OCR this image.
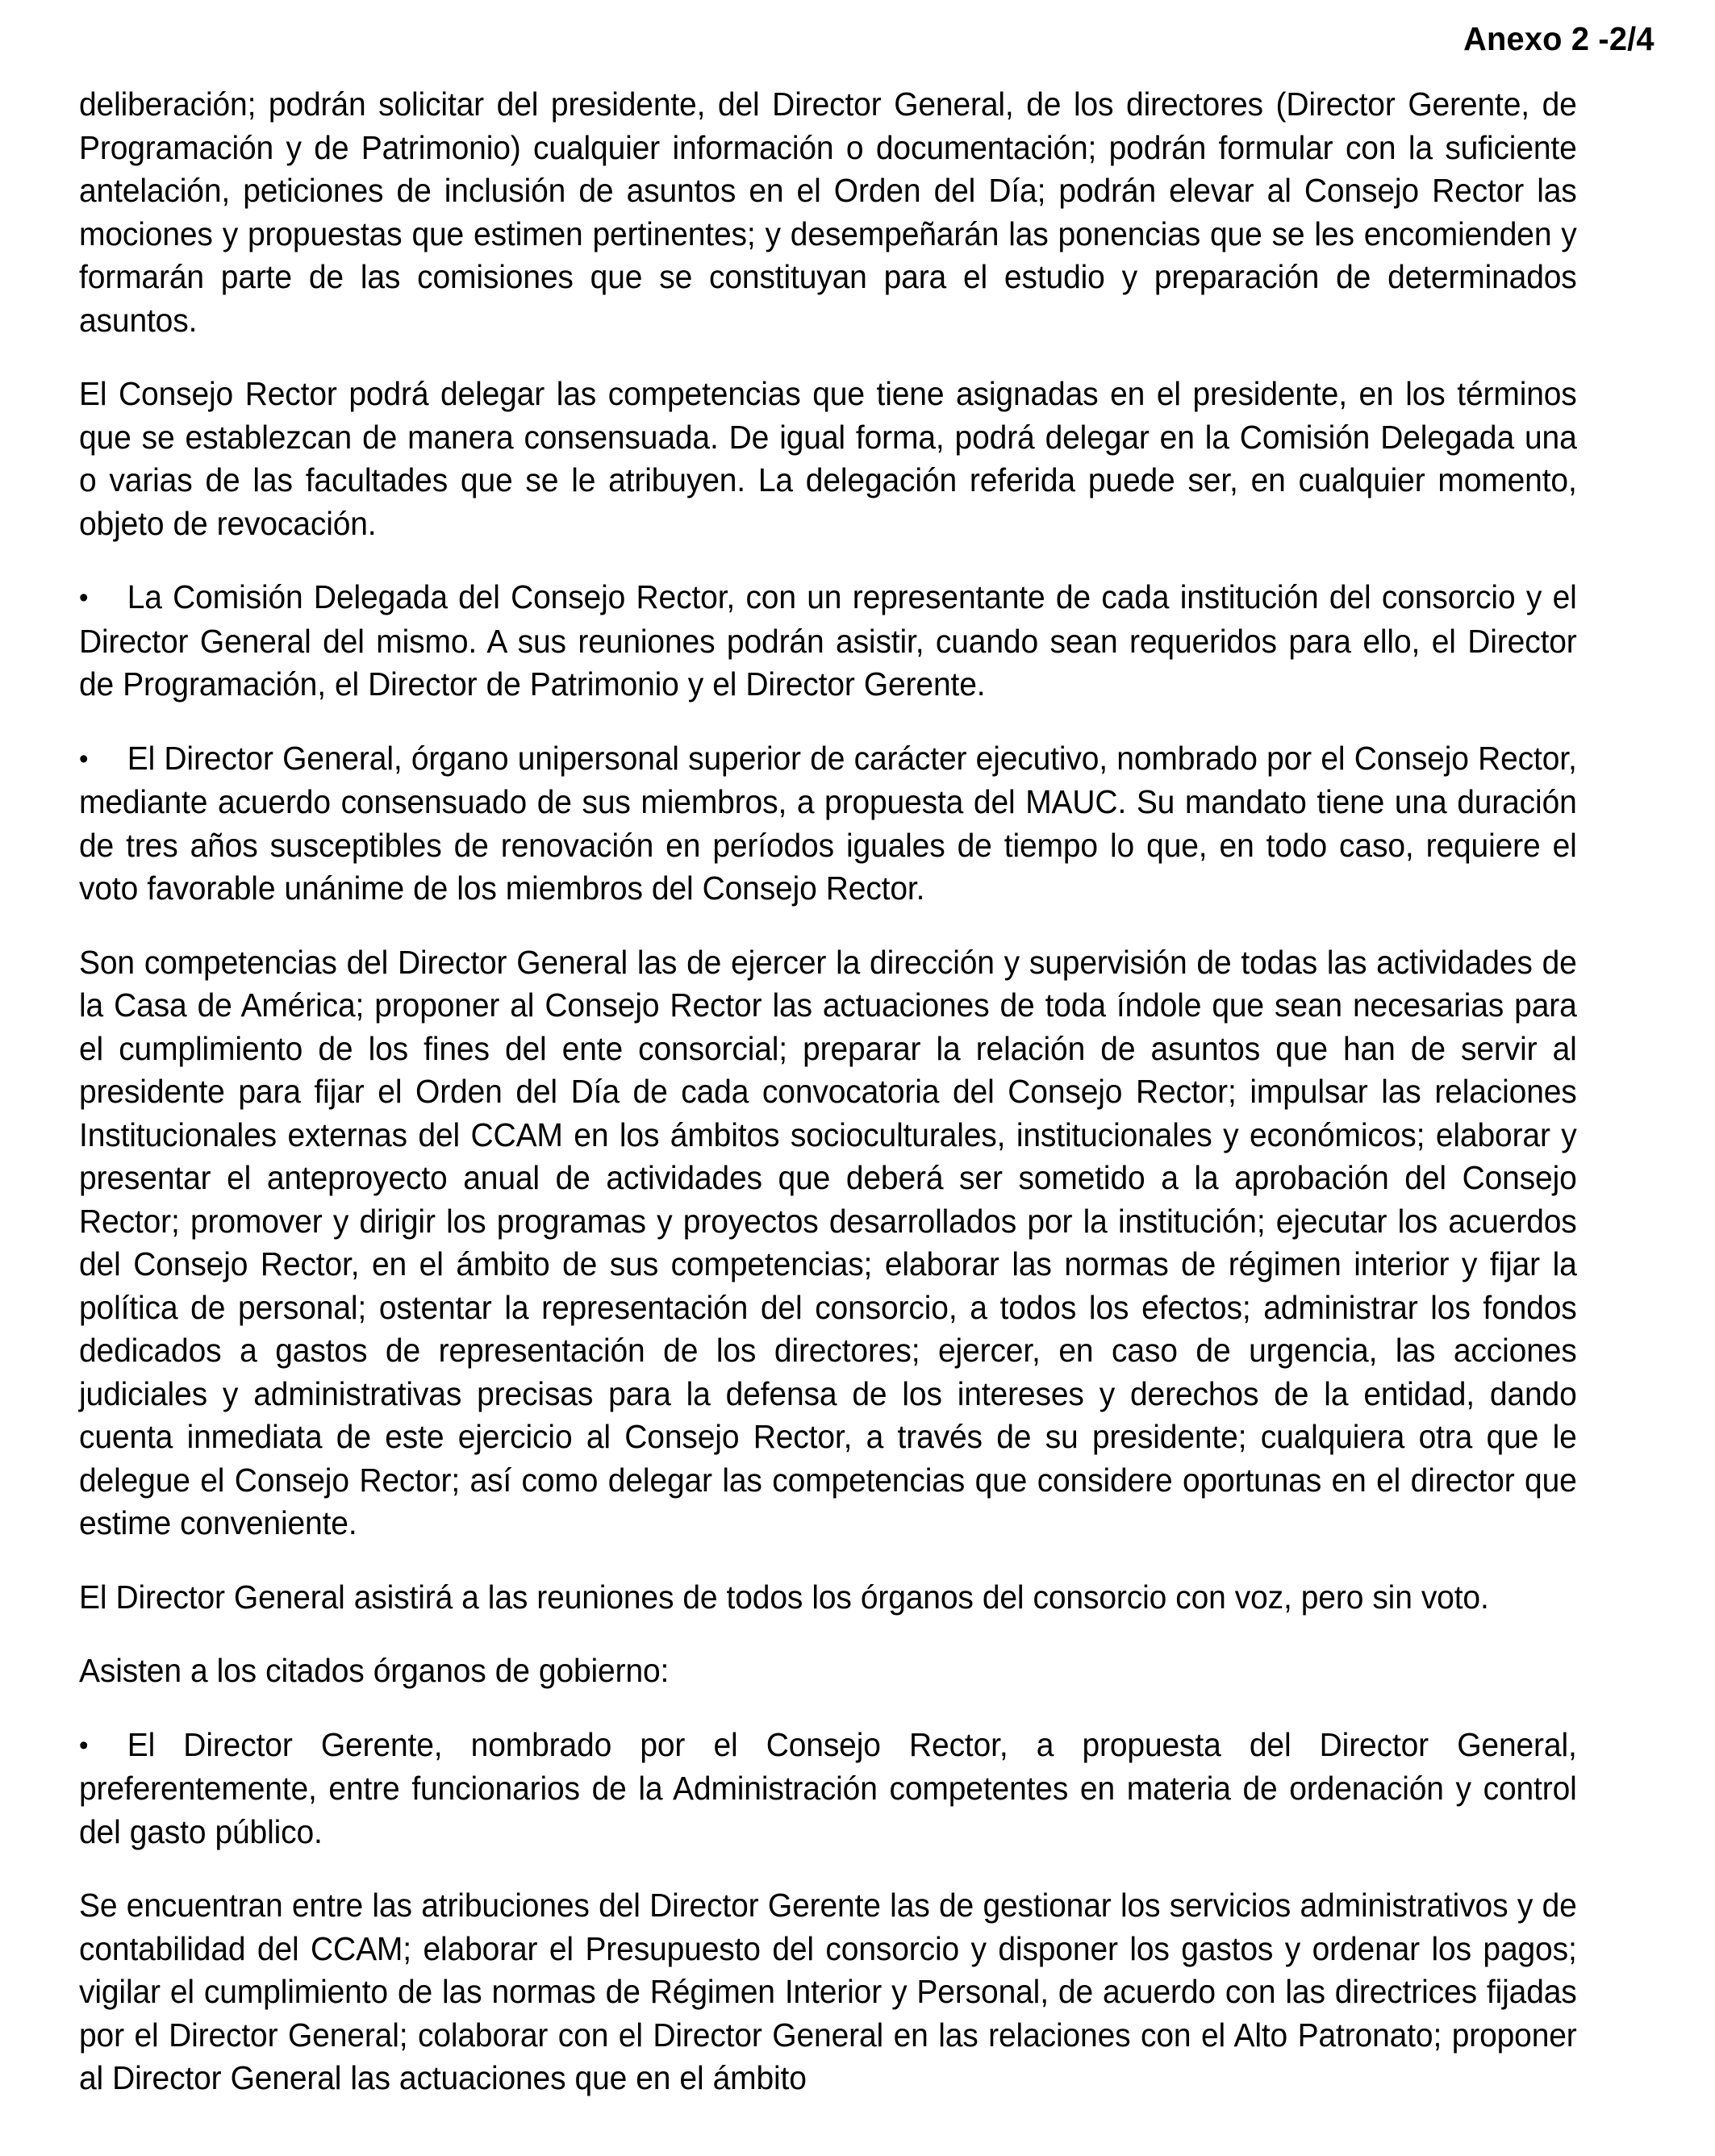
Anexo 2 -2/4

deliberación; podrán solicitar del presidente, del Director General, de los directores (Director Gerente, de Programación y de Patrimonio) cualquier información o documentación; podrán formular con la suficiente antelación, peticiones de inclusión de asuntos en el Orden del Día; podrán elevar al Consejo Rector las mociones y propuestas que estimen pertinentes; y desempeñarán las ponencias que se les encomienden y formarán parte de las comisiones que se constituyan para el estudio y preparación de determinados asuntos.

El Consejo Rector podrá delegar las competencias que tiene asignadas en el presidente, en los términos que se establezcan de manera consensuada. De igual forma, podrá delegar en la Comisión Delegada una o varias de las facultades que se le atribuyen. La delegación referida puede ser, en cualquier momento, objeto de revocación.

• La Comisión Delegada del Consejo Rector, con un representante de cada institución del consorcio y el Director General del mismo. A sus reuniones podrán asistir, cuando sean requeridos para ello, el Director de Programación, el Director de Patrimonio y el Director Gerente.

• El Director General, órgano unipersonal superior de carácter ejecutivo, nombrado por el Consejo Rector, mediante acuerdo consensuado de sus miembros, a propuesta del MAUC. Su mandato tiene una duración de tres años susceptibles de renovación en períodos iguales de tiempo lo que, en todo caso, requiere el voto favorable unánime de los miembros del Consejo Rector.

Son competencias del Director General las de ejercer la dirección y supervisión de todas las actividades de la Casa de América; proponer al Consejo Rector las actuaciones de toda índole que sean necesarias para el cumplimiento de los fines del ente consorcial; preparar la relación de asuntos que han de servir al presidente para fijar el Orden del Día de cada convocatoria del Consejo Rector; impulsar las relaciones Institucionales externas del CCAM en los ámbitos socioculturales, institucionales y económicos; elaborar y presentar el anteproyecto anual de actividades que deberá ser sometido a la aprobación del Consejo Rector; promover y dirigir los programas y proyectos desarrollados por la institución; ejecutar los acuerdos del Consejo Rector, en el ámbito de sus competencias; elaborar las normas de régimen interior y fijar la política de personal; ostentar la representación del consorcio, a todos los efectos; administrar los fondos dedicados a gastos de representación de los directores; ejercer, en caso de urgencia, las acciones judiciales y administrativas precisas para la defensa de los intereses y derechos de la entidad, dando cuenta inmediata de este ejercicio al Consejo Rector, a través de su presidente; cualquiera otra que le delegue el Consejo Rector; así como delegar las competencias que considere oportunas en el director que estime conveniente.

El Director General asistirá a las reuniones de todos los órganos del consorcio con voz, pero sin voto.

Asisten a los citados órganos de gobierno:

• El Director Gerente, nombrado por el Consejo Rector, a propuesta del Director General, preferentemente, entre funcionarios de la Administración competentes en materia de ordenación y control del gasto público.

Se encuentran entre las atribuciones del Director Gerente las de gestionar los servicios administrativos y de contabilidad del CCAM; elaborar el Presupuesto del consorcio y disponer los gastos y ordenar los pagos; vigilar el cumplimiento de las normas de Régimen Interior y Personal, de acuerdo con las directrices fijadas por el Director General; colaborar con el Director General en las relaciones con el Alto Patronato; proponer al Director General las actuaciones que en el ámbito
